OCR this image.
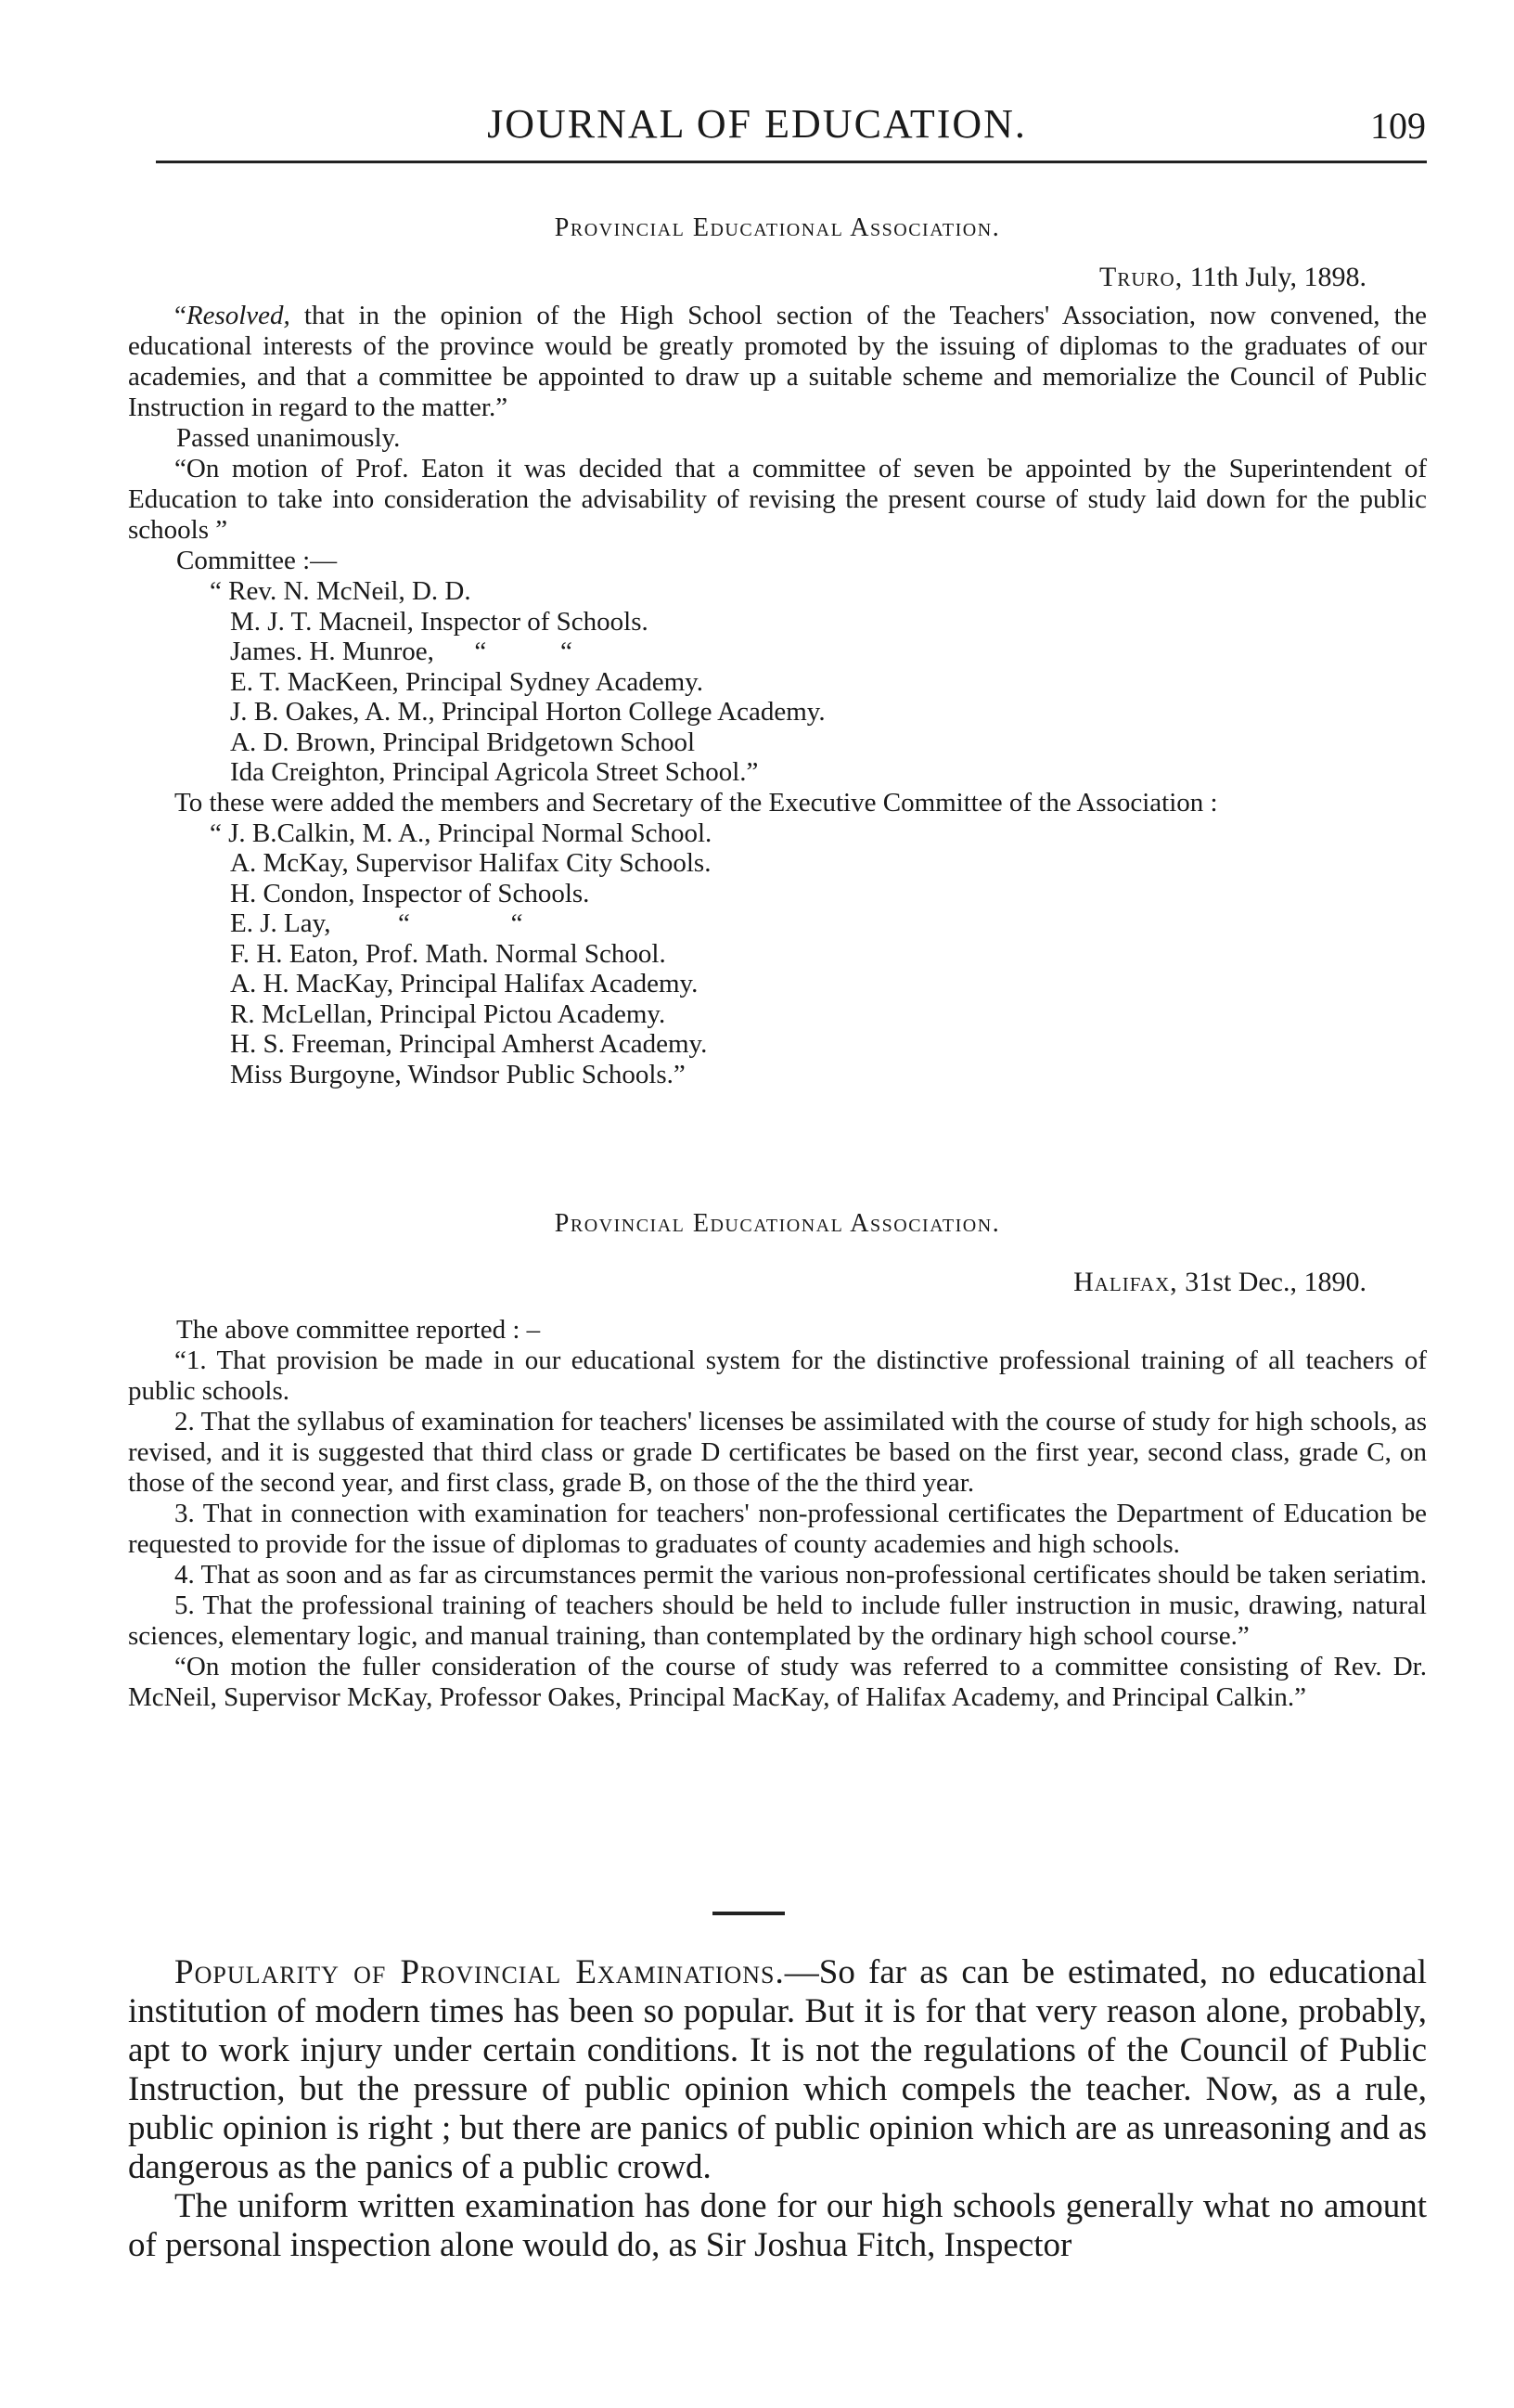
JOURNAL OF EDUCATION.	109

Provincial Educational Association.

Truro, 11th July, 1898.

“Resolved, that in the opinion of the High School section of the Teachers' Association, now convened, the educational interests of the province would be greatly promoted by the issuing of diplomas to the graduates of our academies, and that a committee be appointed to draw up a suitable scheme and memorialize the Council of Public Instruction in regard to the matter.”

Passed unanimously.

“On motion of Prof. Eaton it was decided that a committee of seven be appointed by the Superintendent of Education to take into consideration the advisability of revising the present course of study laid down for the public schools ”

Committee :—

“ Rev. N. McNeil, D. D.

M. J. T. Macneil, Inspector of Schools.

James. H. Munroe,      “           “

E. T. MacKeen, Principal Sydney Academy.

J. B. Oakes, A. M., Principal Horton College Academy.

A. D. Brown, Principal Bridgetown School

Ida Creighton, Principal Agricola Street School.”

To these were added the members and Secretary of the Executive Committee of the Association :

“ J. B.Calkin, M. A., Principal Normal School.

A. McKay, Supervisor Halifax City Schools.

H. Condon, Inspector of Schools.

E. J. Lay,          “               “

F. H. Eaton, Prof. Math. Normal School.

A. H. MacKay, Principal Halifax Academy.

R. McLellan, Principal Pictou Academy.

H. S. Freeman, Principal Amherst Academy.

Miss Burgoyne, Windsor Public Schools.”

Provincial Educational Association.

Halifax, 31st Dec., 1890.

The above committee reported : –

“1. That provision be made in our educational system for the distinctive professional training of all teachers of public schools.

2. That the syllabus of examination for teachers' licenses be assimilated with the course of study for high schools, as revised, and it is suggested that third class or grade D certificates be based on the first year, second class, grade C, on those of the second year, and first class, grade B, on those of the the third year.

3. That in connection with examination for teachers' non-professional certificates the Department of Education be requested to provide for the issue of diplomas to graduates of county academies and high schools.

4. That as soon and as far as circumstances permit the various non-professional certificates should be taken seriatim.

5. That the professional training of teachers should be held to include fuller instruction in music, drawing, natural sciences, elementary logic, and manual training, than contemplated by the ordinary high school course.”

“On motion the fuller consideration of the course of study was referred to a committee consisting of Rev. Dr. McNeil, Supervisor McKay, Professor Oakes, Principal MacKay, of Halifax Academy, and Principal Calkin.”

Popularity of Provincial Examinations.—So far as can be estimated, no educational institution of modern times has been so popular. But it is for that very reason alone, probably, apt to work injury under certain conditions. It is not the regulations of the Council of Public Instruction, but the pressure of public opinion which compels the teacher. Now, as a rule, public opinion is right ; but there are panics of public opinion which are as unreasoning and as dangerous as the panics of a public crowd.

The uniform written examination has done for our high schools generally what no amount of personal inspection alone would do, as Sir Joshua Fitch, Inspector
